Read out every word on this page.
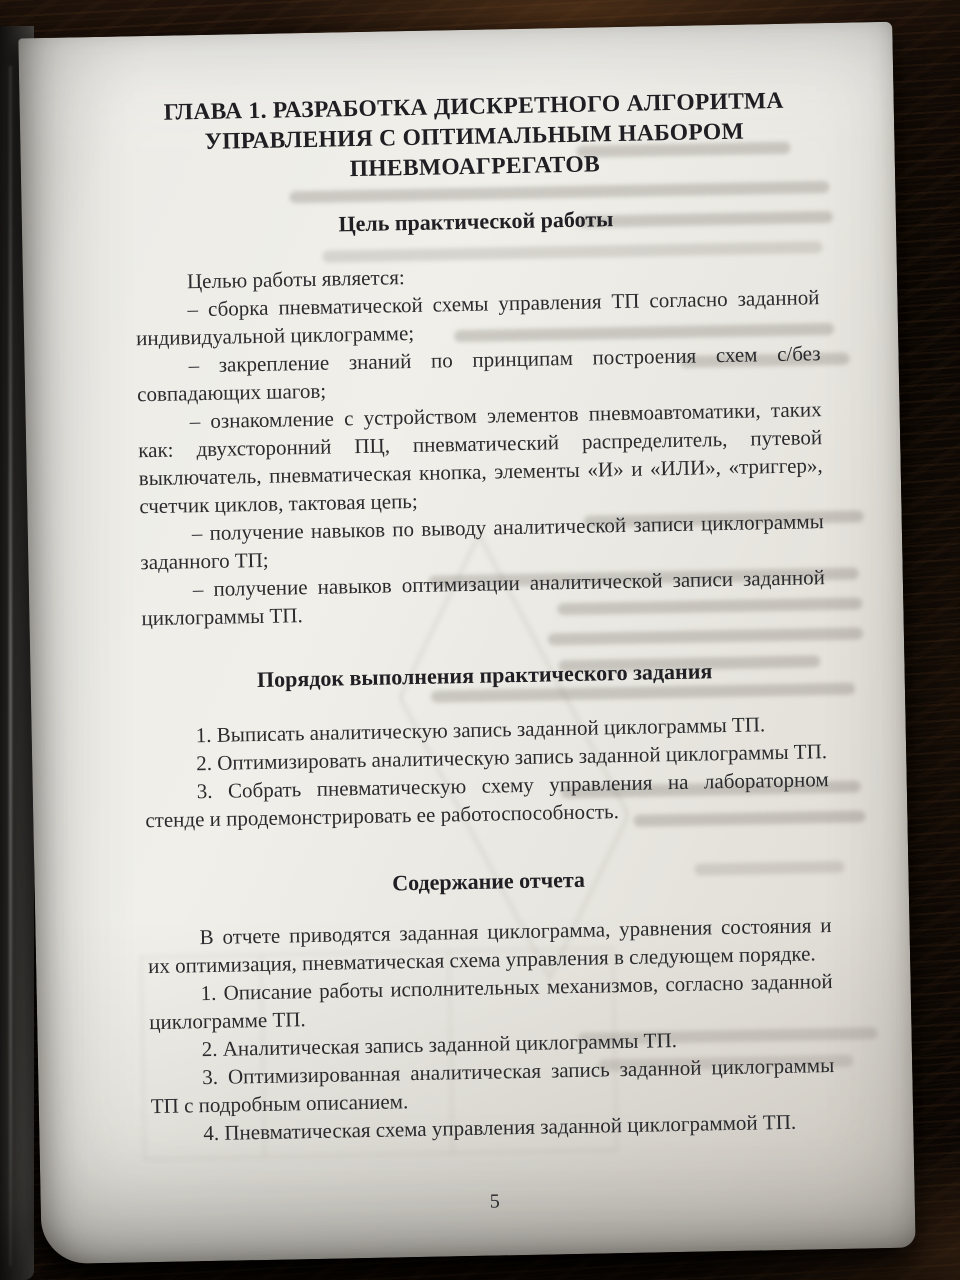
ГЛАВА 1. РАЗРАБОТКА ДИСКРЕТНОГО АЛГОРИТМА
УПРАВЛЕНИЯ С ОПТИМАЛЬНЫМ НАБОРОМ
ПНЕВМОАГРЕГАТОВ
Цель практической работы

Целью работы является:

– сборка пневматической схемы управления ТП согласно заданной индивидуальной циклограмме;

– закрепление знаний по принципам построения схем с/без совпадающих шагов;

– ознакомление с устройством элементов пневмоавтоматики, таких как: двухсторонний ПЦ, пневматический распределитель, путевой выключатель, пневматическая кнопка, элементы «И» и «ИЛИ», «триггер», счетчик циклов, тактовая цепь;

– получение навыков по выводу аналитической записи циклограммы заданного ТП;

– получение навыков оптимизации аналитической записи заданной циклограммы ТП.

Порядок выполнения практического задания

1. Выписать аналитическую запись заданной циклограммы ТП.

2. Оптимизировать аналитическую запись заданной циклограммы ТП.

3. Собрать пневматическую схему управления на лабораторном стенде и продемонстрировать ее работоспособность.

Содержание отчета

В отчете приводятся заданная циклограмма, уравнения состояния и их оптимизация, пневматическая схема управления в следующем порядке.

1. Описание работы исполнительных механизмов, согласно заданной циклограмме ТП.

2. Аналитическая запись заданной циклограммы ТП.

3. Оптимизированная аналитическая запись заданной циклограммы ТП с подробным описанием.

4. Пневматическая схема управления заданной циклограммой ТП.

5
